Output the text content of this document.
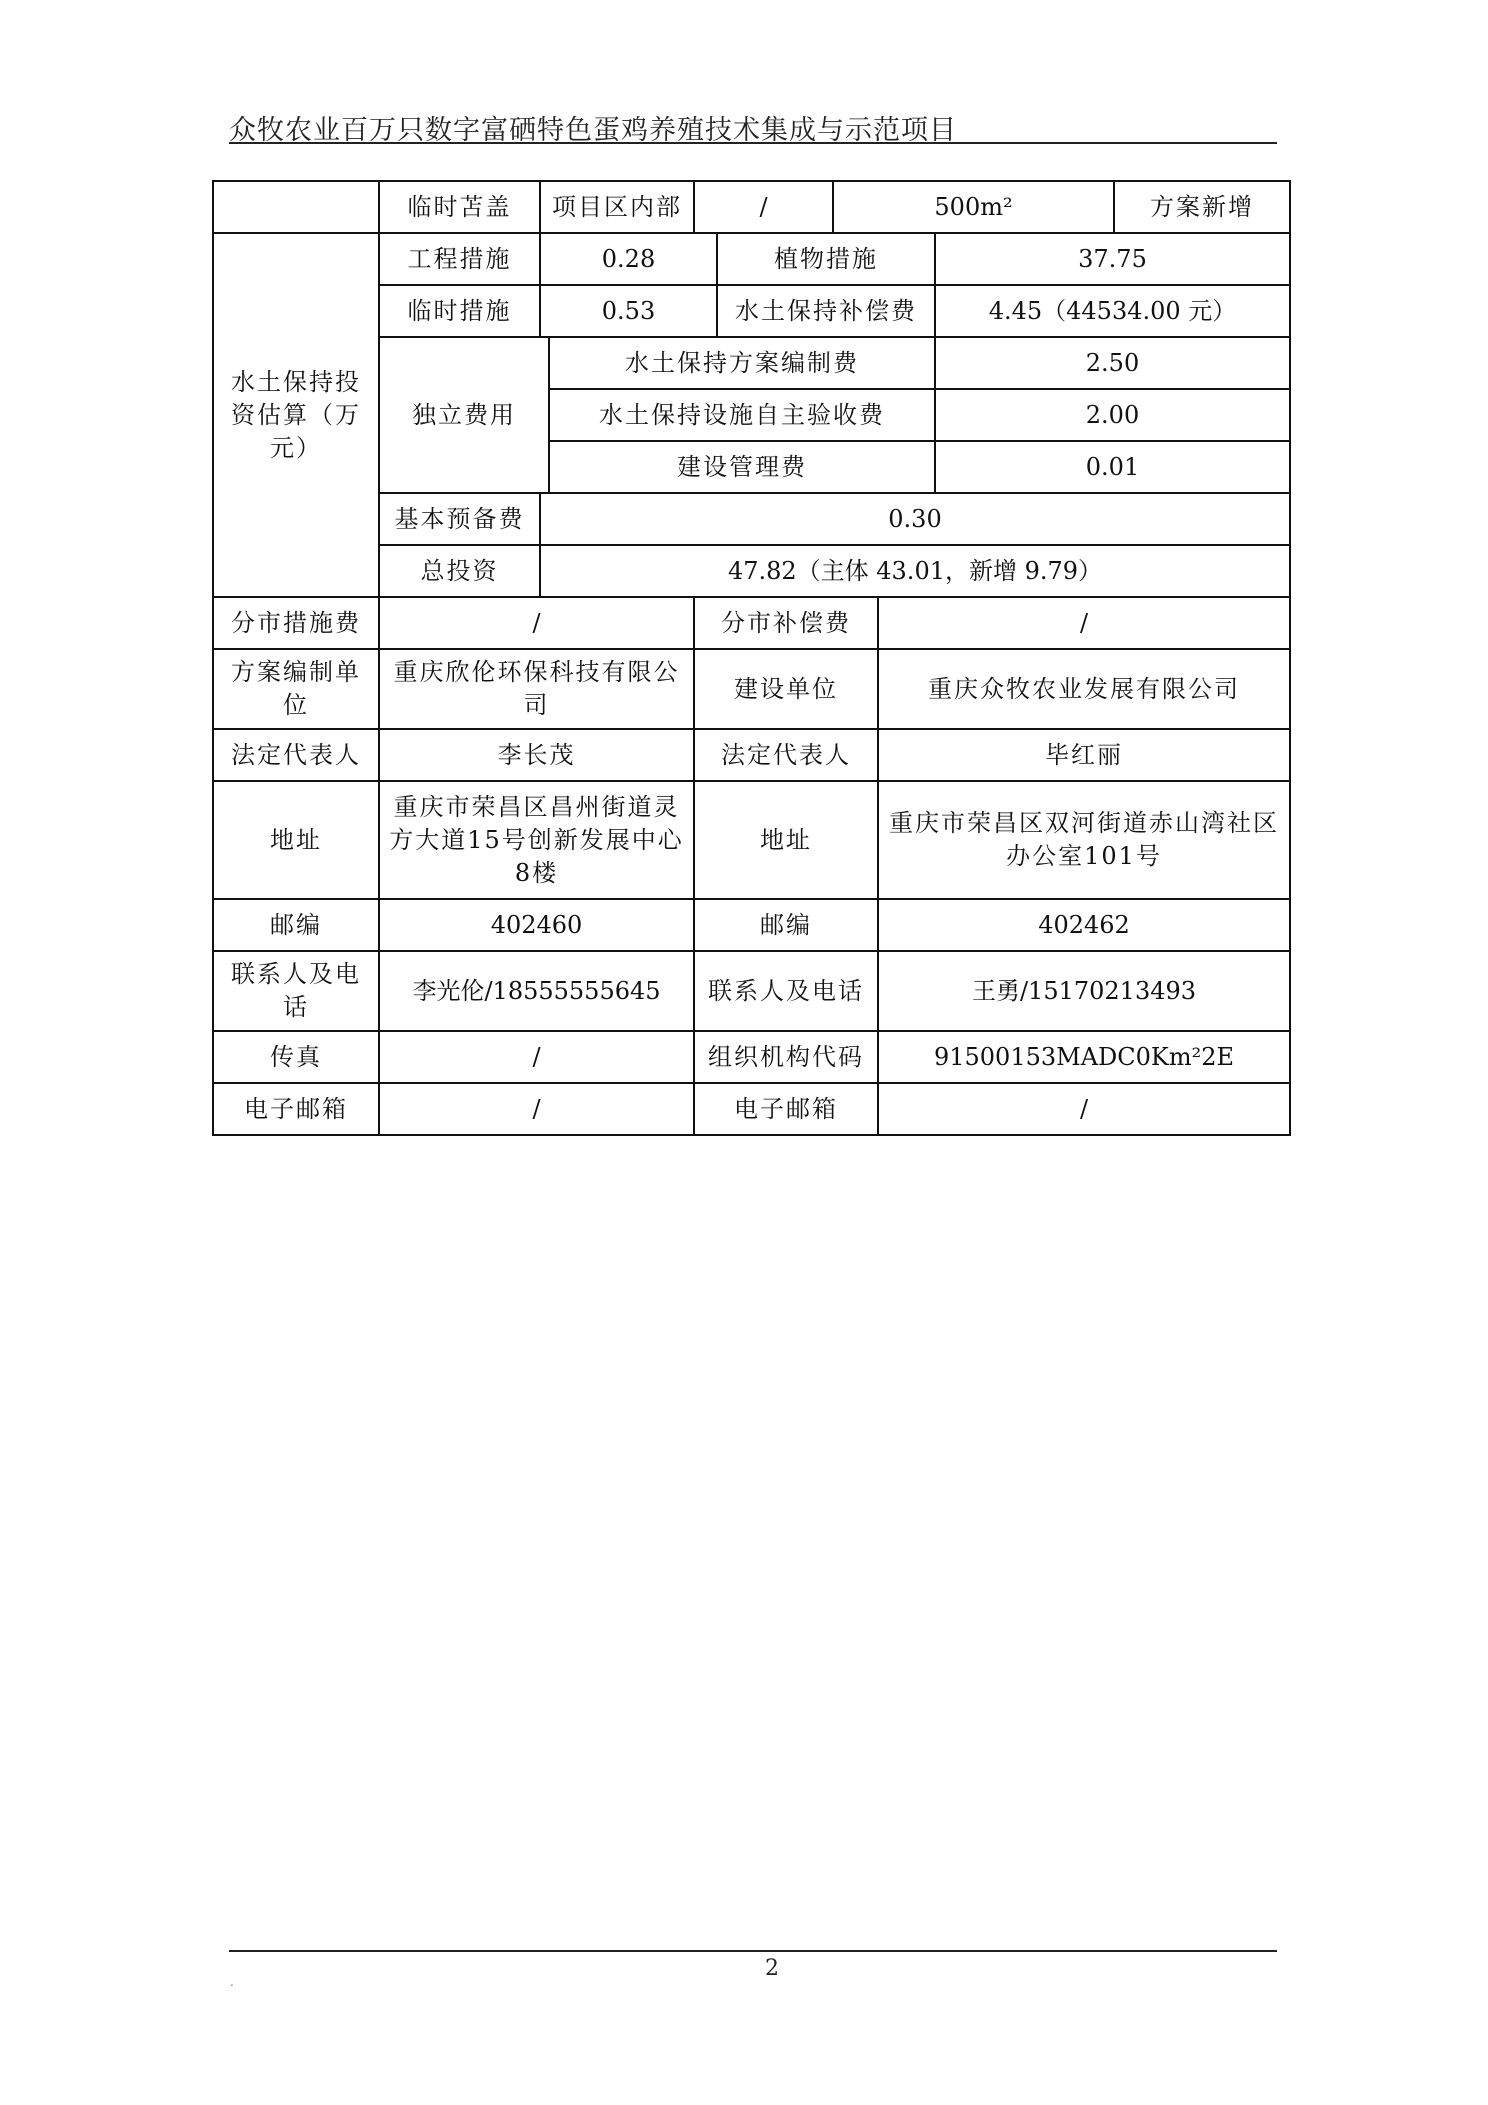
众牧农业百万只数字富硒特色蛋鸡养殖技术集成与示范项目
	临时苫盖	项目区内部		/		500m²			方案新增
水土保持投资估算（万元）	工程措施	0.28			植物措施			37.75	
	临时措施	0.53			水土保持补偿费			4.45（44534.00 元）	
	独立费用		水土保持方案编制费					2.50	
			水土保持设施自主验收费					2.00	
			建设管理费					0.01	
	基本预备费	0.30							
	总投资	47.82（主体 43.01，新增 9.79）							
分市措施费	/			分市补偿费			/		
方案编制单位	重庆欣伦环保科技有限公司			建设单位			重庆众牧农业发展有限公司		
法定代表人	李长茂			法定代表人			毕红丽		
地址	重庆市荣昌区昌州街道灵方大道15号创新发展中心8楼			地址			重庆市荣昌区双河街道赤山湾社区办公室101号		
邮编	402460			邮编			402462		
联系人及电话	李光伦/18555555645			联系人及电话			王勇/15170213493		
传真	/			组织机构代码			91500153MADC0Km²2E		
电子邮箱	/			电子邮箱			/		
2
.
